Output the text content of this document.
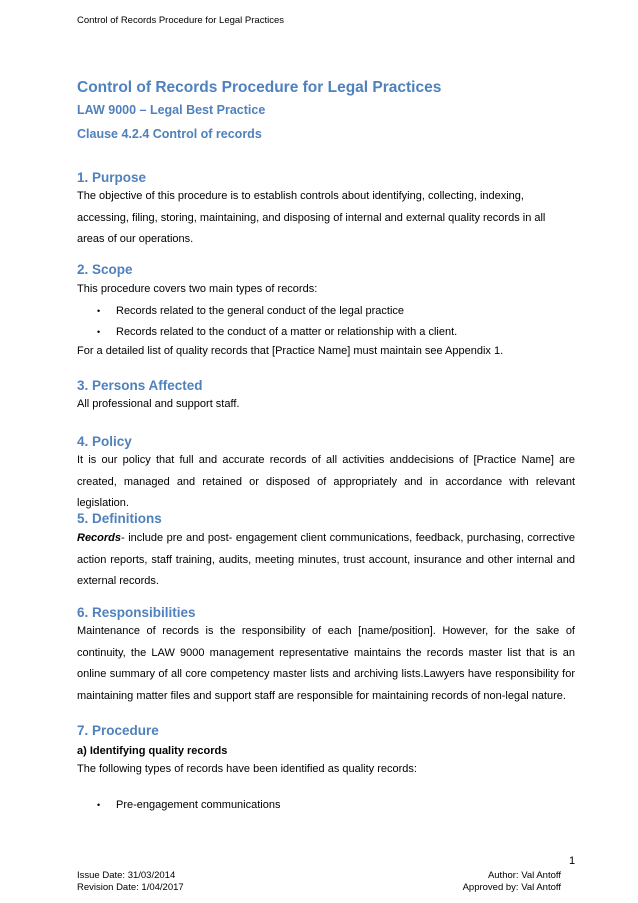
Control of Records Procedure for Legal Practices
Control of Records Procedure for Legal Practices
LAW 9000 – Legal Best Practice
Clause 4.2.4 Control of records
1. Purpose
The objective of this procedure is to establish controls about identifying, collecting, indexing, accessing, filing, storing, maintaining, and disposing of internal and external quality records in all areas of our operations.
2. Scope
This procedure covers two main types of records:
• Records related to the general conduct of the legal practice
• Records related to the conduct of a matter or relationship with a client.
For a detailed list of quality records that [Practice Name] must maintain see Appendix 1.
3. Persons Affected
All professional and support staff.
4. Policy
It is our policy that full and accurate records of all activities anddecisions of [Practice Name] are created, managed and retained or disposed of appropriately and in accordance with relevant legislation.
5. Definitions
Records- include pre and post- engagement client communications, feedback, purchasing, corrective action reports, staff training, audits, meeting minutes, trust account, insurance and other internal and external records.
6. Responsibilities
Maintenance of records is the responsibility of each [name/position]. However, for the sake of continuity, the LAW 9000 management representative maintains the records master list that is an online summary of all core competency master lists and archiving lists.Lawyers have responsibility for maintaining matter files and support staff are responsible for maintaining records of non-legal nature.
7. Procedure
a) Identifying quality records
The following types of records have been identified as quality records:
• Pre-engagement communications
1
Issue Date: 31/03/2014
Revision Date: 1/04/2017
Author: Val Antoff
Approved by: Val Antoff
